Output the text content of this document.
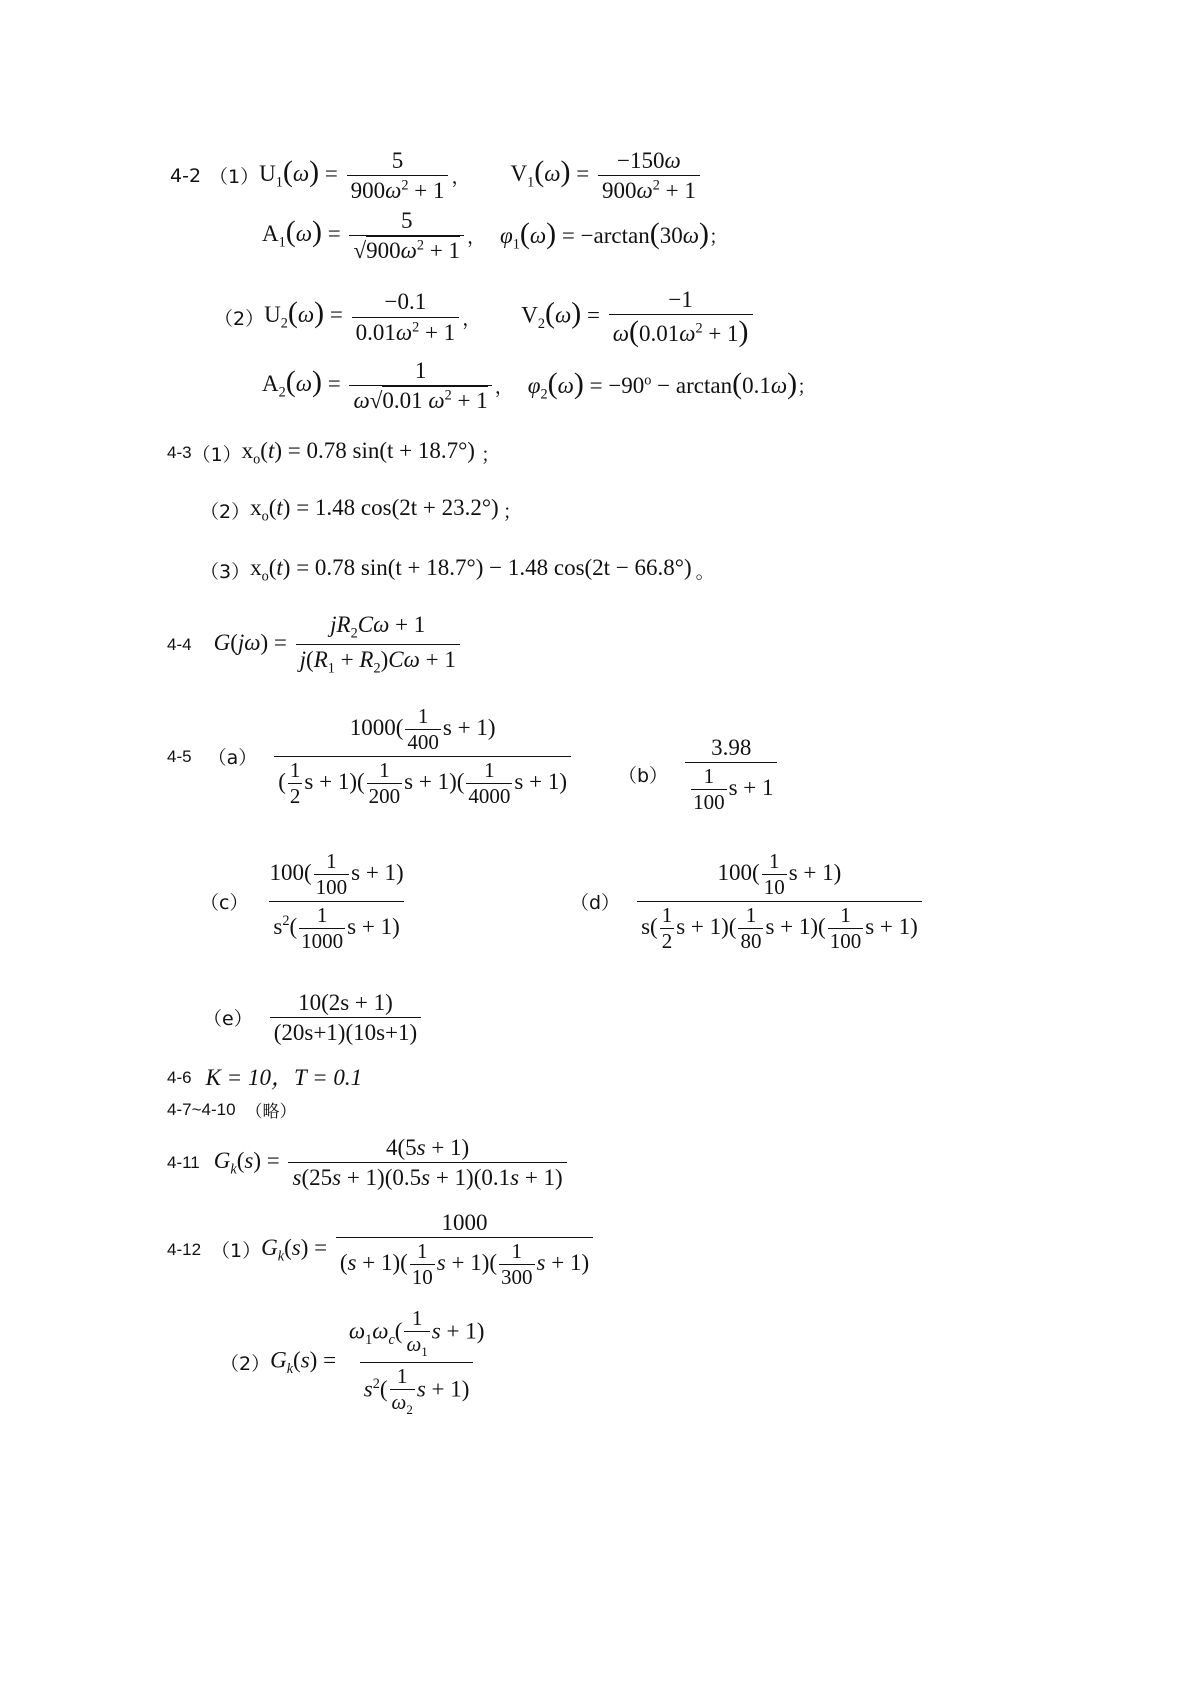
4-2 （1） $U_1(\omega) = \frac{5}{900\omega^2 + 1}$ ， $V_1(\omega) = \frac{-150\omega}{900\omega^2 + 1}$
$A_1(\omega) = \frac{5}{√900\omega^2 + 1}$ ， $\varphi_1(\omega) = -\arctan(30\omega)$ ；
（2） $U_2(\omega) = \frac{-0.1}{0.01\omega^2 + 1}$ ， $V_2(\omega) = \frac{-1}{\omega(0.01\omega^2 + 1)}$
$A_2(\omega) = \frac{1}{\omega√0.01 \omega^2 + 1}$ ， $\varphi_2(\omega) = -90^o - \arctan(0.1\omega)$ ；
4-3 （1） $x_o(t) = 0.78$ sin(t + 18.7°) ；
（2） $x_o(t) = 1.48$ cos(2t + 23.2°) ；
（3） $x_o(t) = 0.78$ sin(t + 18.7°) − 1.48 cos(2t − 66.8°) 。
4-4 $G(j\omega) = \frac{jR_2C\omega + 1}{j(R_1 + R_2)C\omega + 1}$
4-5 $(a) \frac{1000( \frac{1}{400} s + 1)}{( \frac{1}{2} s + 1)( \frac{1}{200} s + 1)( \frac{1}{4000} s + 1)} (b) \frac{3.98}{\frac{1}{100} s + 1}$
$(c) \frac{100( \frac{1}{100} s + 1)}{s^2( \frac{1}{1000} s + 1)}$	$(d) \frac{100( \frac{1}{10} s + 1)}{s( \frac{1}{2} s + 1)( \frac{1}{80} s + 1)( \frac{1}{100} s + 1)}$
$(e) \frac{10(2s + 1)}{(20s+1)(10s+1)}$
4-6 K = 10，T = 0.1
4-7~4-10 （略）
4-11 $G_k(s) = \frac{4(5s + 1)}{s(25s + 1)(0.5s + 1)(0.1s + 1)}$
4-12 （1） $G_k(s) = \frac{1000}{(s + 1)( \frac{1}{10} s + 1)( \frac{1}{300} s + 1)}$
（2） $G_k(s) = \frac{\omega_1\omega_c( \frac{1}{\omega_1} s + 1)}{s^2( \frac{1}{\omega_2} s + 1)}$
